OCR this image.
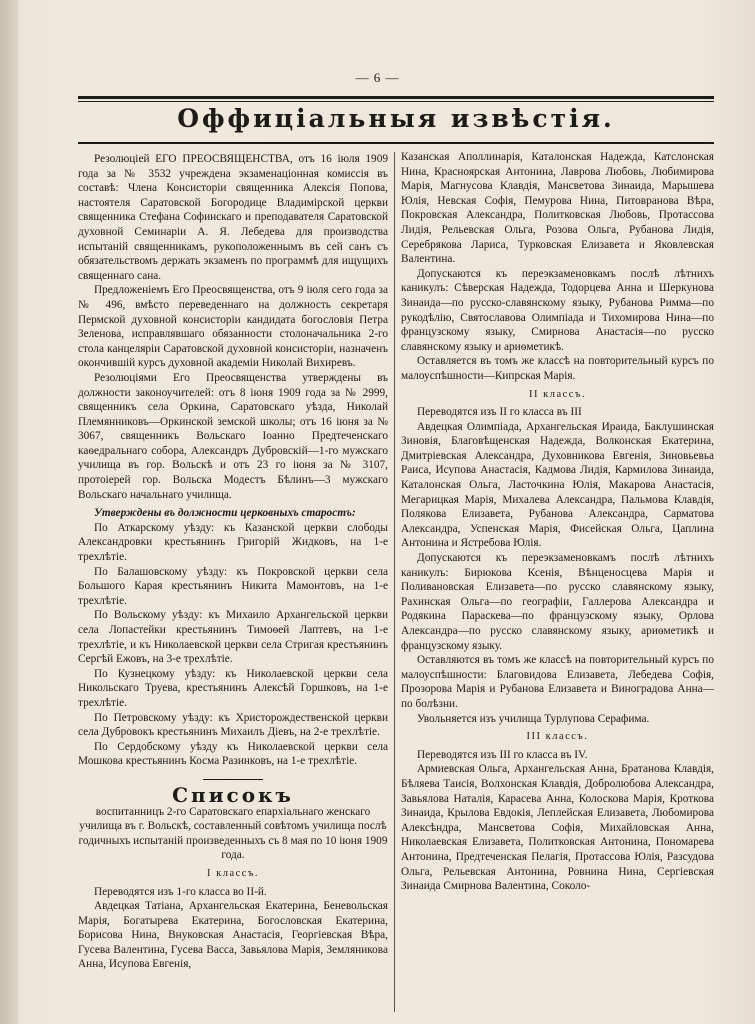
— 6 —
Оффиціальныя извѣстія.

Резолюціей ЕГО ПРЕОСВЯЩЕНСТВА, отъ 16 іюля 1909 года за № 3532 учреждена экзаменаціонная комиссія въ составѣ: Члена Консисторіи священника Алексія Попова, настоятеля Саратовской Богородице Владимірской церкви священника Стефана Софинскаго и преподавателя Саратовской духовной Семинаріи А. Я. Лебедева для производства испытаній священникамъ, рукоположеннымъ въ сей санъ съ обязательствомъ держать экзаменъ по программѣ для ищущихъ священнаго сана.

Предложеніемъ Его Преосвященства, отъ 9 іюля сего года за № 496, вмѣсто переведеннаго на должность секретаря Пермской духовной консисторіи кандидата богословія Петра Зеленова, исправлявшаго обязанности столоначальника 2-го стола канцеляріи Саратовской духовной консисторіи, назначенъ окончившій курсъ духовной академіи Николай Вихиревъ.

Резолюціями Его Преосвященства утверждены въ должности законоучителей: отъ 8 іюня 1909 года за № 2999, священникъ села Оркина, Саратовскаго уѣзда, Николай Племянниковъ—Оркинской земской школы; отъ 16 іюня за № 3067, священникъ Вольскаго Іоанно Предтеченскаго каѳедральнаго собора, Александръ Дубровскій—1-го мужскаго училища въ гор. Вольскѣ и отъ 23 го іюня за № 3107, протоіерей гор. Вольска Модестъ Бѣлинъ—3 мужскаго Вольскаго начальнаго училища.

Утверждены въ должности церковныхъ старостъ:

По Аткарскому уѣзду: къ Казанской церкви слободы Александровки крестьянинъ Григорій Жидковъ, на 1-е трехлѣтіе.

По Балашовскому уѣзду: къ Покровской церкви села Большого Карая крестьянинъ Никита Мамонтовъ, на 1-е трехлѣтіе.

По Вольскому уѣзду: къ Михаило Архангельской церкви села Лопастейки крестьянинъ Тимоѳей Лаптевъ, на 1-е трехлѣтіе, и къ Николаевской церкви села Стригая крестьянинъ Сергѣй Ежовъ, на 3-е трехлѣтіе.

По Кузнецкому уѣзду: къ Николаевской церкви села Никольскаго Труева, крестьянинъ Алексѣй Горшковъ, на 1-е трехлѣтіе.

По Петровскому уѣзду: къ Христорождественской церкви села Дубровокъ крестьянинъ Михаилъ Діевъ, на 2-е трехлѣтіе.

По Сердобскому уѣзду къ Николаевской церкви села Мошкова крестьянинъ Косма Разинковъ, на 1-е трехлѣтіе.

Списокъ

воспитанницъ 2-го Саратовскаго епархіальнаго женскаго училища въ г. Вольскѣ, составленный совѣтомъ училища послѣ годичныхъ испытаній произведенныхъ съ 8 мая по 10 іюня 1909 года.

I классъ.

Переводятся изъ 1-го класса во II-й.

Авдецкая Татіана, Архангельская Екатерина, Беневольская Марія, Богатырева Екатерина, Богословская Екатерина, Борисова Нина, Внуковская Анастасія, Георгіевская Вѣра, Гусева Валентина, Гусева Васса, Завьялова Марія, Земляникова Анна, Исупова Евгенія,

Казанская Аполлинарія, Каталонская Надежда, Катслонская Нина, Красноярская Антонина, Лаврова Любовь, Любимирова Марія, Магнусова Клавдія, Мансветова Зинаида, Марышева Юлія, Невская Софія, Пемурова Нина, Питовранова Вѣра, Покровская Александра, Политковская Любовь, Протассова Лидія, Рельевская Ольга, Розова Ольга, Рубанова Лидія, Серебрякова Лариса, Турковская Елизавета и Яковлевская Валентина.

Допускаются къ переэкзаменовкамъ послѣ лѣтнихъ каникулъ: Сѣверская Надежда, Тодорцева Анна и Шеркунова Зинаида—по русско-славянскому языку, Рубанова Римма—по рукодѣлію, Святославова Олимпіада и Тихомирова Нина—по французскому языку, Смирнова Анастасія—по русско славянскому языку и ариѳметикѣ.

Оставляется въ томъ же классѣ на повторительный курсъ по малоуспѣшности—Кипрская Марія.

II классъ.

Переводятся изъ II го класса въ III

Авдецкая Олимпіада, Архангельская Ираида, Баклушинская Зиновія, Благовѣщенская Надежда, Волконская Екатерина, Дмитріевская Александра, Духовникова Евгенія, Зиновьевьа Раиса, Исупова Анастасія, Кадмова Лидія, Кармилова Зинаида, Каталонская Ольга, Ласточкина Юлія, Макарова Анастасія, Мегарицкая Марія, Михалева Александра, Пальмова Клавдія, Полякова Елизавета, Рубанова Александра, Сарматова Александра, Успенская Марія, Фисейская Ольга, Цаплина Антонина и Ястребова Юлія.

Допускаются къ переэкзаменовкамъ послѣ лѣтнихъ каникулъ: Бирюкова Ксенія, Вѣнценосцева Марія и Поливановская Елизавета—по русско славянскому языку, Рахинская Ольга—по географіи, Галлерова Александра и Родякина Параскева—по французскому языку, Орлова Александра—по русско славянскому языку, ариѳметикѣ и французскому языку.

Оставляются въ томъ же классѣ на повторительный курсъ по малоуспѣшности: Благовидова Елизавета, Лебедева Софія, Прозорова Марія и Рубанова Елизавета и Виноградова Анна—по болѣзни.

Увольняется изъ училища Турлупова Серафима.

III классъ.

Переводятся изъ III го класса въ IV.

Армиевская Ольга, Архангельская Анна, Братанова Клавдія, Бѣляева Таисія, Волхонская Клавдія, Добролюбова Александра, Завьялова Наталія, Карасева Анна, Колоскова Марія, Кроткова Зинаида, Крылова Евдокія, Леплейская Елизавета, Любомирова Алексѣндра, Мансветова Софія, Михайловская Анна, Николаевская Елизавета, Политковская Антонина, Пономарева Антонина, Предтеченская Пелагія, Протассова Юлія, Разсудова Ольга, Рельевская Антонина, Ровнина Нина, Сергіевская Зинаида Смирнова Валентина, Соколо-
